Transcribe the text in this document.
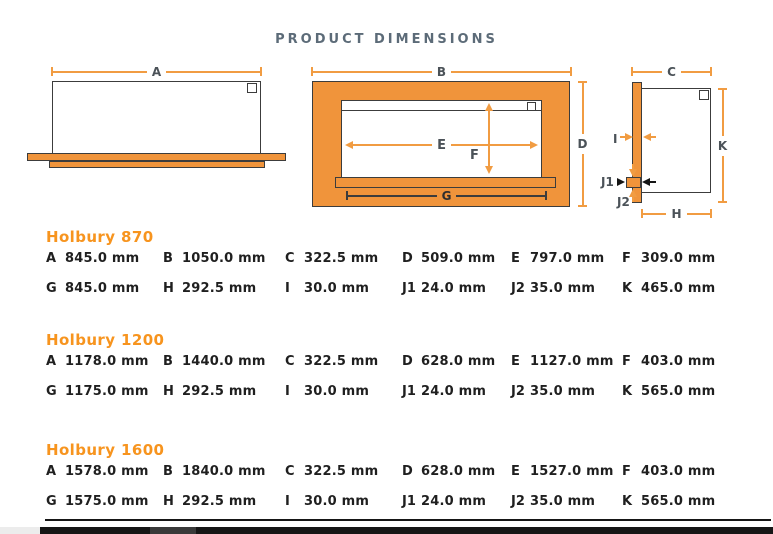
PRODUCT DIMENSIONS
A	B
E
F
D
G
C
K
I
J1
J2
H
Holbury 870
A 845.0 mm	B 1050.0 mm	C 322.5 mm	D 509.0 mm	E 797.0 mm	F 309.0 mm
G 845.0 mm	H 292.5 mm	I 30.0 mm	J1 24.0 mm	J2 35.0 mm	K 465.0 mm
Holbury 1200
A 1178.0 mm	B 1440.0 mm	C 322.5 mm	D 628.0 mm	E 1127.0 mm F 403.0 mm
G 1175.0 mm	H 292.5 mm	I 30.0 mm	J1 24.0 mm	J2 35.0 mm	K 565.0 mm
Holbury 1600
A 1578.0 mm	B 1840.0 mm	C 322.5 mm	D 628.0 mm	E 1527.0 mm F 403.0 mm
G 1575.0 mm	H 292.5 mm	I 30.0 mm	J1 24.0 mm	J2 35.0 mm	K 565.0 mm
